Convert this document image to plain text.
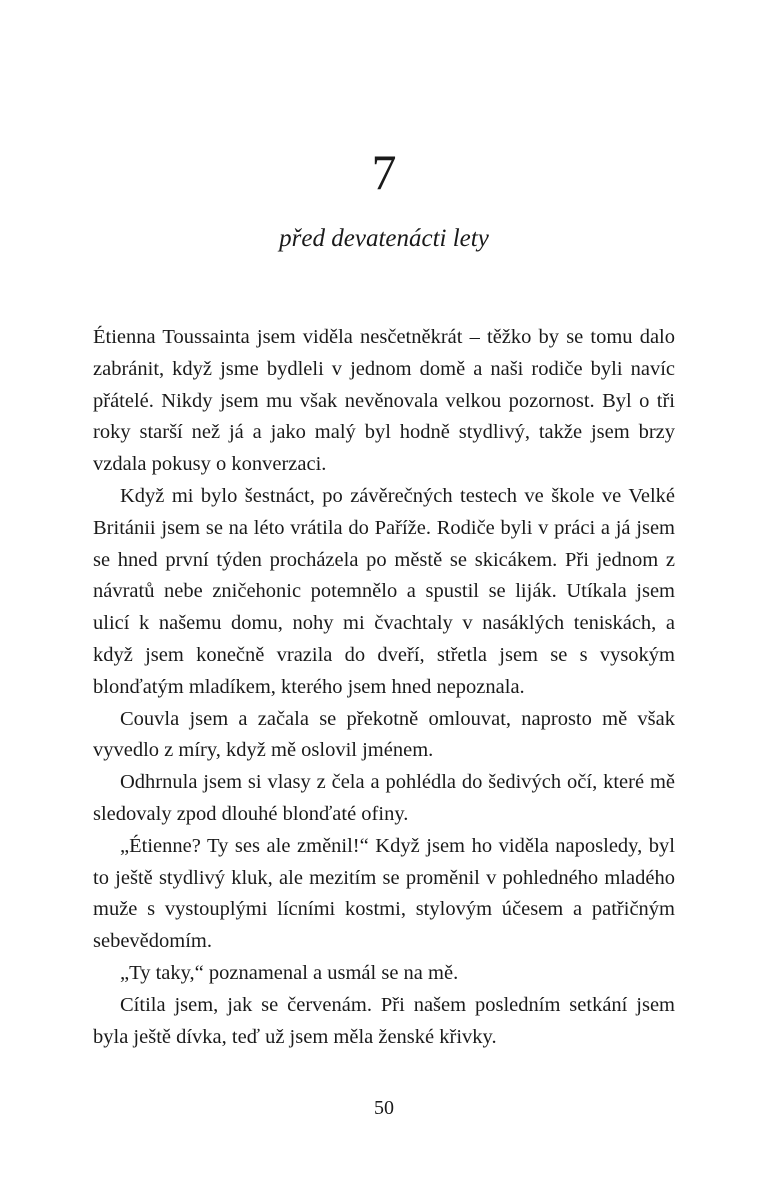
7
před devatenácti lety

Étienna Toussainta jsem viděla nesčetněkrát – těžko by se tomu dalo zabránit, když jsme bydleli v jednom domě a naši rodiče byli navíc přátelé. Nikdy jsem mu však nevěnovala velkou pozornost. Byl o tři roky starší než já a jako malý byl hodně stydlivý, takže jsem brzy vzdala pokusy o konverzaci.

Když mi bylo šestnáct, po závěrečných testech ve škole ve Velké Británii jsem se na léto vrátila do Paříže. Rodiče byli v práci a já jsem se hned první týden procházela po městě se skicákem. Při jednom z návratů nebe zničehonic potemnělo a spustil se liják. Utíkala jsem ulicí k našemu domu, nohy mi čvachtaly v nasáklých teniskách, a když jsem konečně vrazila do dveří, střetla jsem se s vysokým blonďatým mladíkem, kterého jsem hned nepoznala.

Couvla jsem a začala se překotně omlouvat, naprosto mě však vyvedlo z míry, když mě oslovil jménem.

Odhrnula jsem si vlasy z čela a pohlédla do šedivých očí, které mě sledovaly zpod dlouhé blonďaté ofiny.

„Étienne? Ty ses ale změnil!“ Když jsem ho viděla naposledy, byl to ještě stydlivý kluk, ale mezitím se proměnil v pohledného mladého muže s vystouplými lícními kostmi, stylovým účesem a patřičným sebevědomím.

„Ty taky,“ poznamenal a usmál se na mě.

Cítila jsem, jak se červenám. Při našem posledním setkání jsem byla ještě dívka, teď už jsem měla ženské křivky.

50
